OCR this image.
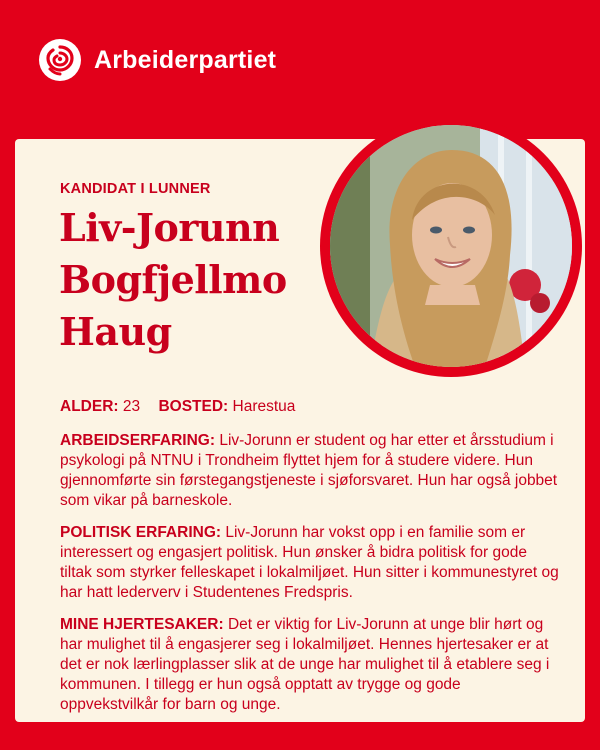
Arbeiderpartiet
KANDIDAT I LUNNER
Liv-Jorunn
Bogfjellmo
Haug

ALDER: 23 BOSTED: Harestua

ARBEIDSERFARING: Liv-Jorunn er student og har etter et årsstudium i psykologi på NTNU i Trondheim flyttet hjem for å studere videre. Hun gjennomførte sin førstegangstjeneste i sjøforsvaret. Hun har også jobbet som vikar på barneskole.

POLITISK ERFARING: Liv-Jorunn har vokst opp i en familie som er interessert og engasjert politisk. Hun ønsker å bidra politisk for gode tiltak som styrker felleskapet i lokalmiljøet. Hun sitter i kommunestyret og har hatt lederverv i Studentenes Fredspris.

MINE HJERTESAKER: Det er viktig for Liv-Jorunn at unge blir hørt og har mulighet til å engasjerer seg i lokalmiljøet. Hennes hjertesaker er at det er nok lærlingplasser slik at de unge har mulighet til å etablere seg i kommunen. I tillegg er hun også opptatt av trygge og gode oppvekstvilkår for barn og unge.
